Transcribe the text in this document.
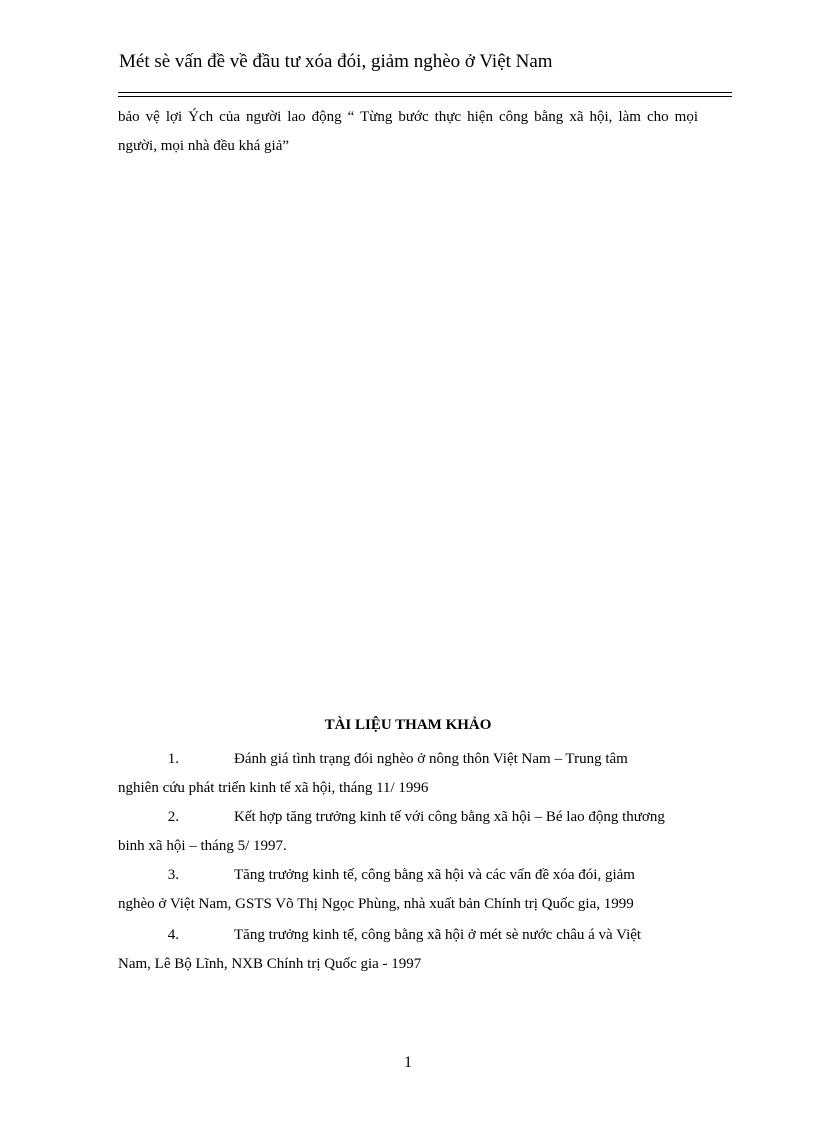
Mét sè vấn đề về đầu tư xóa đói, giảm nghèo ở Việt Nam
bảo vệ lợi Ých của người lao động “ Từng bước thực hiện công bằng xã hội, làm cho mọi
người, mọi nhà đều khá giả”
TÀI LIỆU THAM KHẢO
1.	Đánh giá tình trạng đói nghèo ở nông thôn Việt Nam – Trung tâm
nghiên cứu phát triển kinh tế xã hội, tháng 11/ 1996
2.	Kết hợp tăng trưởng kinh tế với công bằng xã hội – Bé lao động thương
binh xã hội – tháng 5/ 1997.
3.	Tăng trưởng kinh tế, công bằng xã hội và các vấn đề xóa đói, giảm
nghèo ở Việt Nam, GSTS Võ Thị Ngọc Phùng, nhà xuất bản Chính trị Quốc gia, 1999
4.	Tăng trưởng kinh tế, công bằng xã hội ở mét sè nước châu á và Việt
Nam, Lê Bộ Lĩnh, NXB Chính trị Quốc gia - 1997
1
